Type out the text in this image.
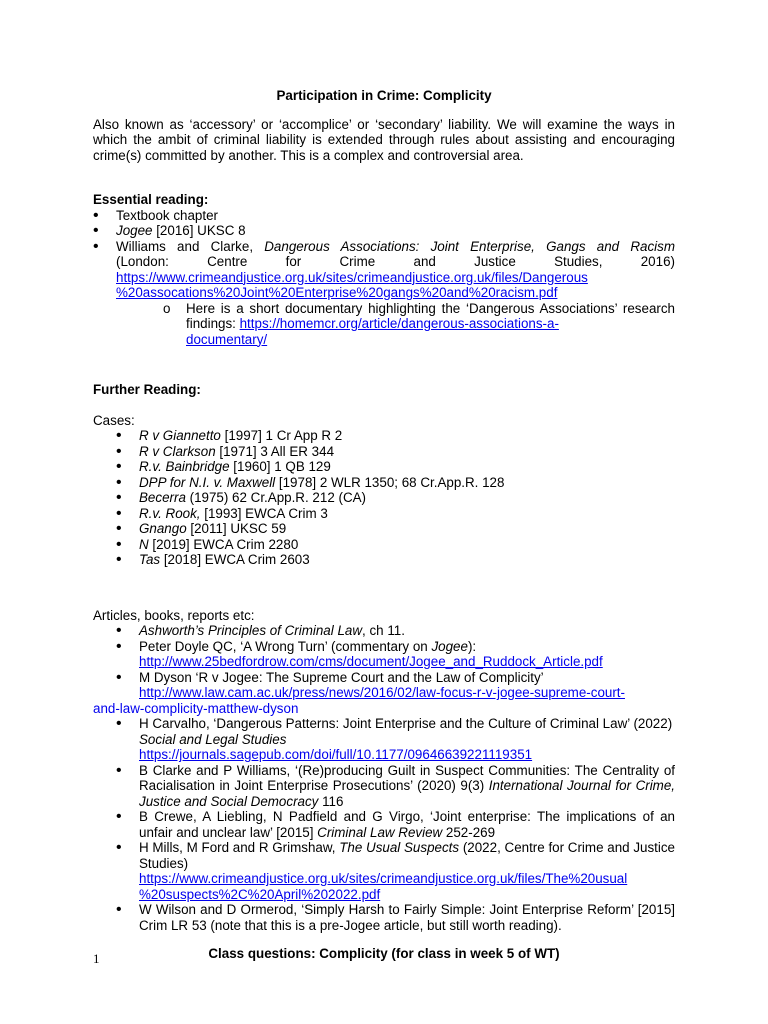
Participation in Crime: Complicity

Also known as ‘accessory’ or ‘accomplice’ or ‘secondary’ liability. We will examine the ways in which the ambit of criminal liability is extended through rules about assisting and encouraging crime(s) committed by another. This is a complex and controversial area.

Essential reading:

• Textbook chapter
• Jogee [2016] UKSC 8
• Williams and Clarke, Dangerous Associations: Joint Enterprise, Gangs and Racism
(London: Centre for Crime and Justice Studies, 2016)
https://www.crimeandjustice.org.uk/sites/crimeandjustice.org.uk/files/Dangerous
%20assocations%20Joint%20Enterprise%20gangs%20and%20racism.pdf
o Here is a short documentary highlighting the ‘Dangerous Associations’ research findings: https://homemcr.org/article/dangerous-associations-a-
documentary/

Further Reading:

Cases:

• R v Giannetto [1997] 1 Cr App R 2
• R v Clarkson [1971] 3 All ER 344
• R.v. Bainbridge [1960] 1 QB 129
• DPP for N.I. v. Maxwell [1978] 2 WLR 1350; 68 Cr.App.R. 128
• Becerra (1975) 62 Cr.App.R. 212 (CA)
• R.v. Rook, [1993] EWCA Crim 3
• Gnango [2011] UKSC 59
• N [2019] EWCA Crim 2280
• Tas [2018] EWCA Crim 2603

Articles, books, reports etc:

• Ashworth’s Principles of Criminal Law, ch 11.
• Peter Doyle QC, ‘A Wrong Turn’ (commentary on Jogee):
http://www.25bedfordrow.com/cms/document/Jogee_and_Ruddock_Article.pdf
• M Dyson ‘R v Jogee: The Supreme Court and the Law of Complicity’
http://www.law.cam.ac.uk/press/news/2016/02/law-focus-r-v-jogee-supreme-court-
and-law-complicity-matthew-dyson
• H Carvalho, ‘Dangerous Patterns: Joint Enterprise and the Culture of Criminal Law’ (2022) Social and Legal Studies
https://journals.sagepub.com/doi/full/10.1177/09646639221119351
• B Clarke and P Williams, ‘(Re)producing Guilt in Suspect Communities: The Centrality of Racialisation in Joint Enterprise Prosecutions’ (2020) 9(3) International Journal for Crime, Justice and Social Democracy 116
• B Crewe, A Liebling, N Padfield and G Virgo, ‘Joint enterprise: The implications of an unfair and unclear law’ [2015] Criminal Law Review 252-269
• H Mills, M Ford and R Grimshaw, The Usual Suspects (2022, Centre for Crime and Justice Studies)
https://www.crimeandjustice.org.uk/sites/crimeandjustice.org.uk/files/The%20usual
%20suspects%2C%20April%202022.pdf
• W Wilson and D Ormerod, ‘Simply Harsh to Fairly Simple: Joint Enterprise Reform’ [2015] Crim LR 53 (note that this is a pre-Jogee article, but still worth reading).

Class questions: Complicity (for class in week 5 of WT)

1
